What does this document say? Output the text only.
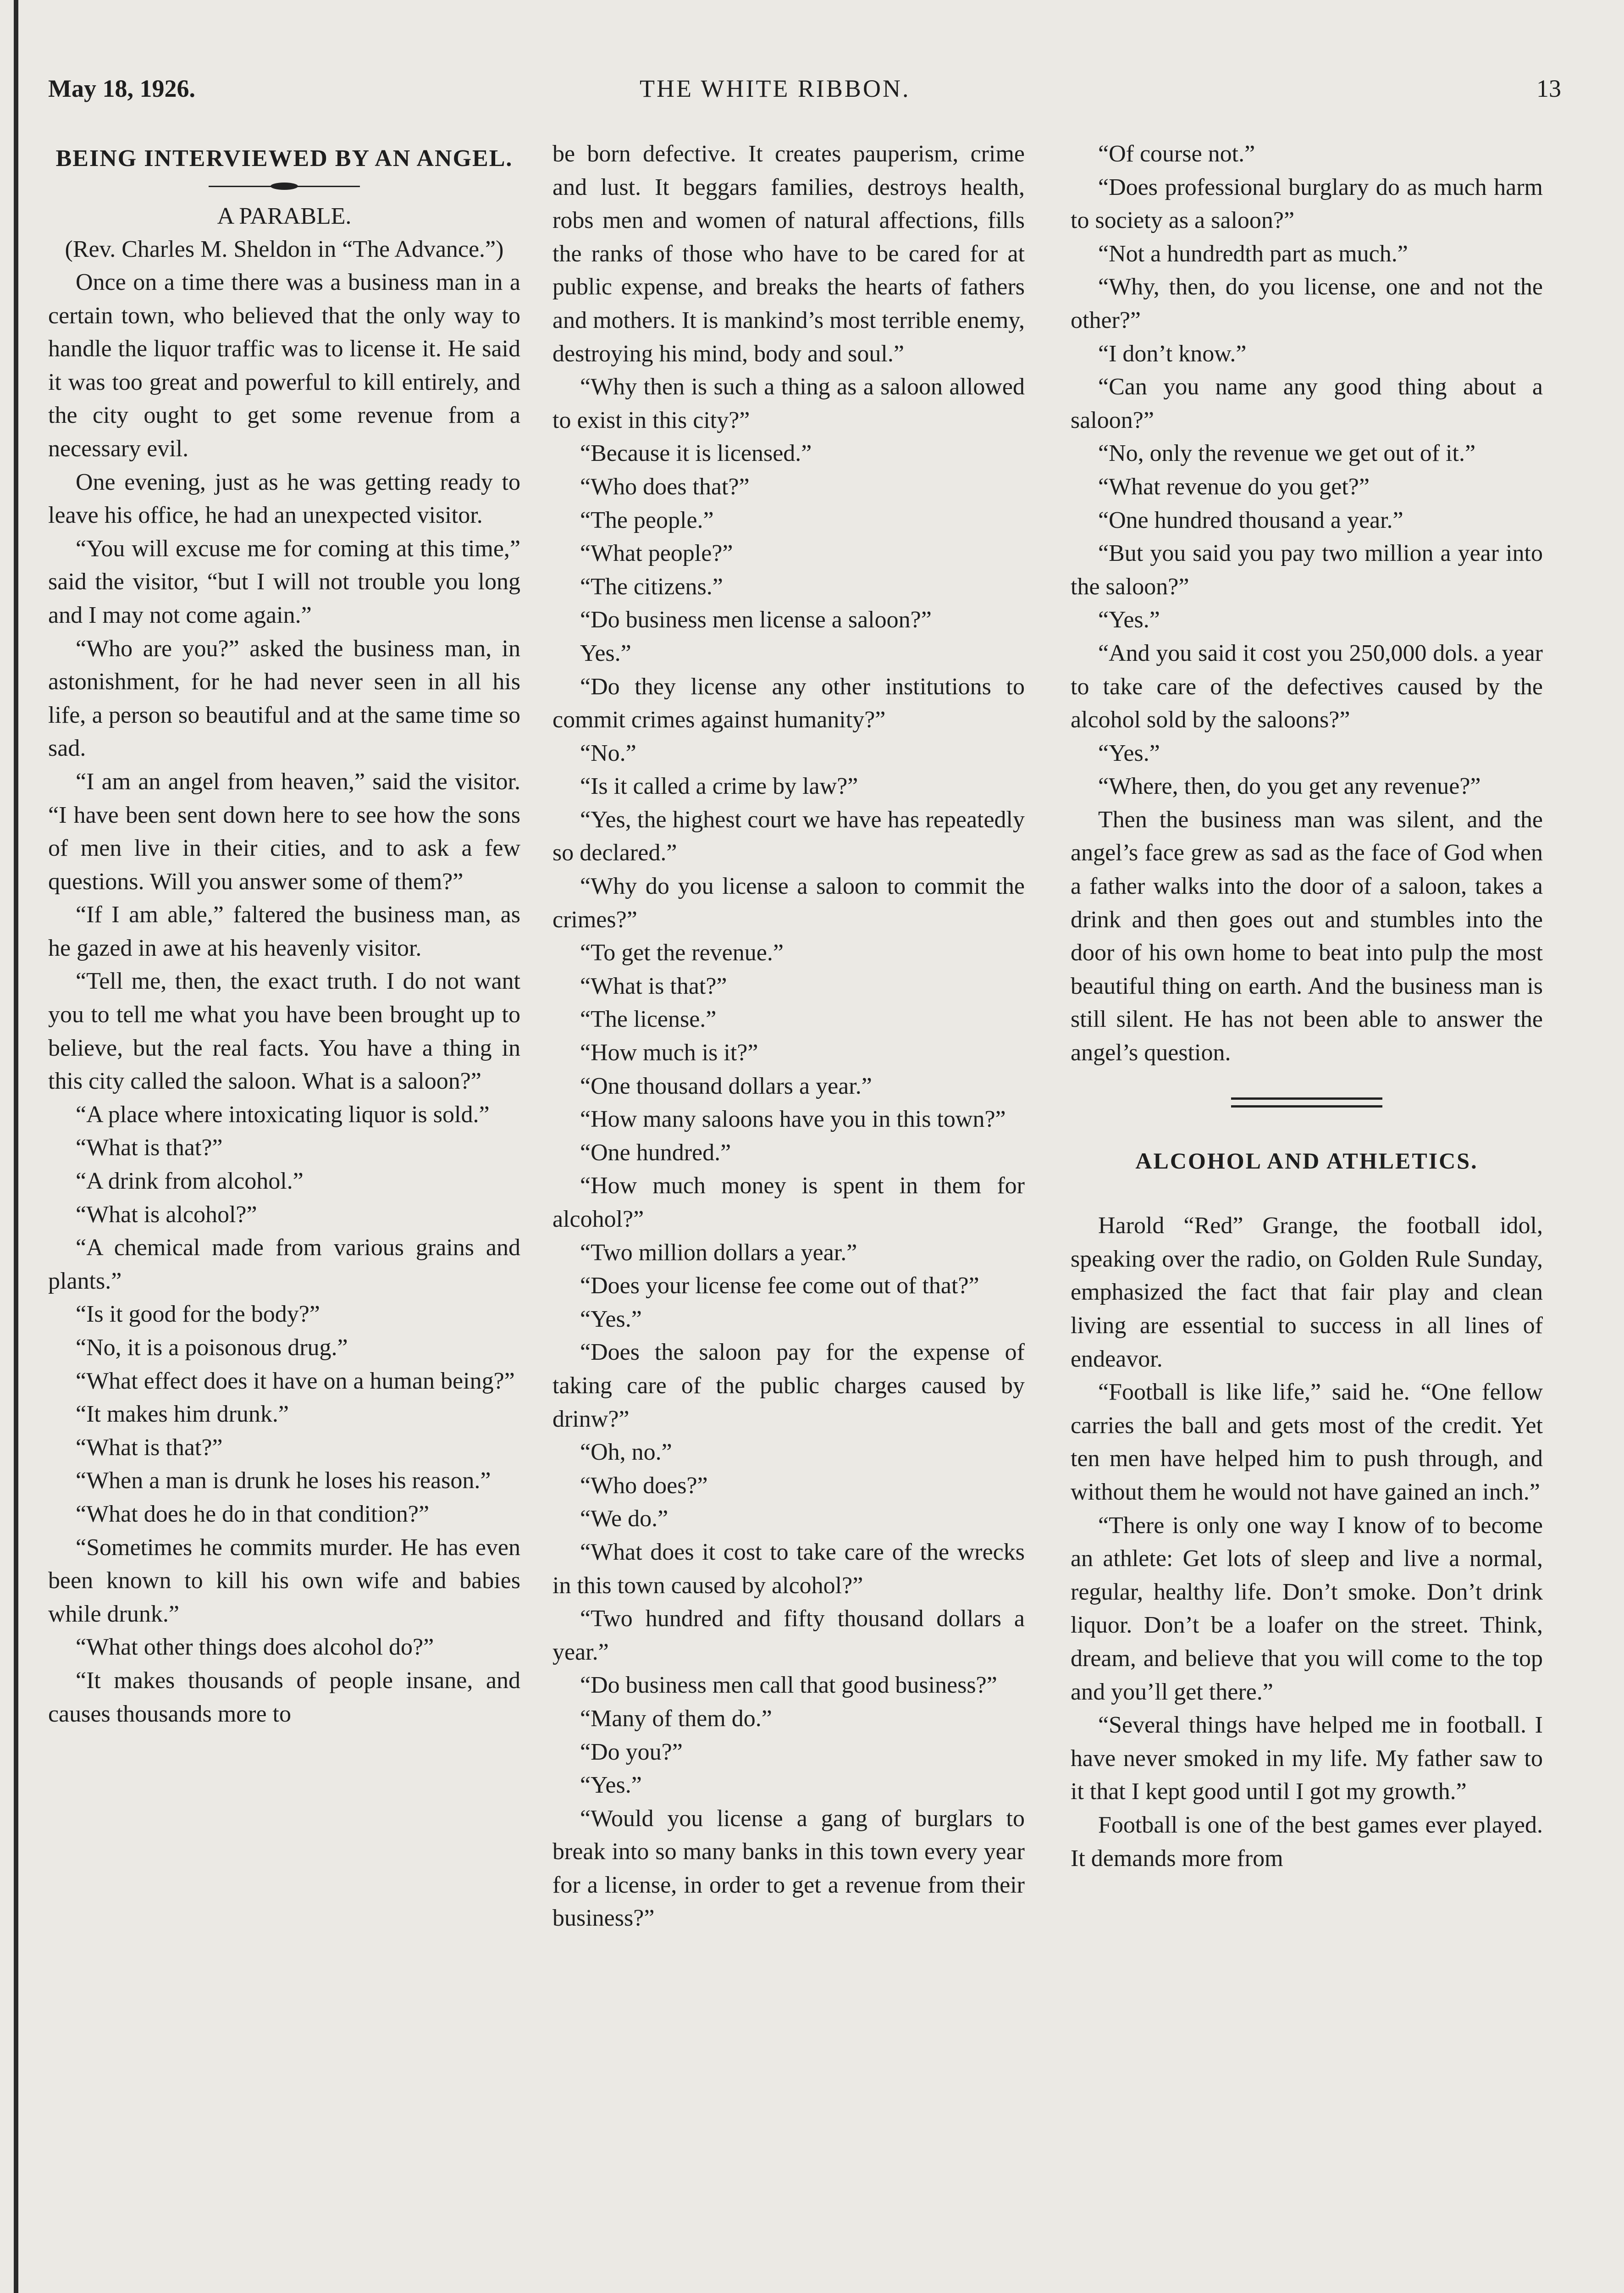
May 18, 1926.	THE WHITE RIBBON.	13
BEING INTERVIEWED BY AN ANGEL.
A PARABLE.
(Rev. Charles M. Sheldon in “The Advance.”)

Once on a time there was a business man in a certain town, who believed that the only way to handle the liquor traffic was to license it. He said it was too great and powerful to kill entirely, and the city ought to get some revenue from a necessary evil.

One evening, just as he was getting ready to leave his office, he had an unexpected visitor.

“You will excuse me for coming at this time,” said the visitor, “but I will not trouble you long and I may not come again.”

“Who are you?” asked the business man, in astonishment, for he had never seen in all his life, a person so beautiful and at the same time so sad.

“I am an angel from heaven,” said the visitor. “I have been sent down here to see how the sons of men live in their cities, and to ask a few questions. Will you answer some of them?”

“If I am able,” faltered the business man, as he gazed in awe at his heavenly visitor.

“Tell me, then, the exact truth. I do not want you to tell me what you have been brought up to believe, but the real facts. You have a thing in this city called the saloon. What is a saloon?”

“A place where intoxicating liquor is sold.”

“What is that?”

“A drink from alcohol.”

“What is alcohol?”

“A chemical made from various grains and plants.”

“Is it good for the body?”

“No, it is a poisonous drug.”

“What effect does it have on a human being?”

“It makes him drunk.”

“What is that?”

“When a man is drunk he loses his reason.”

“What does he do in that condition?”

“Sometimes he commits murder. He has even been known to kill his own wife and babies while drunk.”

“What other things does alcohol do?”

“It makes thousands of people insane, and causes thousands more to

be born defective. It creates pauperism, crime and lust. It beggars families, destroys health, robs men and women of natural affections, fills the ranks of those who have to be cared for at public expense, and breaks the hearts of fathers and mothers. It is mankind’s most terrible enemy, destroying his mind, body and soul.”

“Why then is such a thing as a saloon allowed to exist in this city?”

“Because it is licensed.”

“Who does that?”

“The people.”

“What people?”

“The citizens.”

“Do business men license a saloon?”

Yes.”

“Do they license any other institutions to commit crimes against humanity?”

“No.”

“Is it called a crime by law?”

“Yes, the highest court we have has repeatedly so declared.”

“Why do you license a saloon to commit the crimes?”

“To get the revenue.”

“What is that?”

“The license.”

“How much is it?”

“One thousand dollars a year.”

“How many saloons have you in this town?”

“One hundred.”

“How much money is spent in them for alcohol?”

“Two million dollars a year.”

“Does your license fee come out of that?”

“Yes.”

“Does the saloon pay for the expense of taking care of the public charges caused by drinw?”

“Oh, no.”

“Who does?”

“We do.”

“What does it cost to take care of the wrecks in this town caused by alcohol?”

“Two hundred and fifty thousand dollars a year.”

“Do business men call that good business?”

“Many of them do.”

“Do you?”

“Yes.”

“Would you license a gang of burglars to break into so many banks in this town every year for a license, in order to get a revenue from their business?”

“Of course not.”

“Does professional burglary do as much harm to society as a saloon?”

“Not a hundredth part as much.”

“Why, then, do you license, one and not the other?”

“I don’t know.”

“Can you name any good thing about a saloon?”

“No, only the revenue we get out of it.”

“What revenue do you get?”

“One hundred thousand a year.”

“But you said you pay two million a year into the saloon?”

“Yes.”

“And you said it cost you 250,000 dols. a year to take care of the defectives caused by the alcohol sold by the saloons?”

“Yes.”

“Where, then, do you get any revenue?”

Then the business man was silent, and the angel’s face grew as sad as the face of God when a father walks into the door of a saloon, takes a drink and then goes out and stumbles into the door of his own home to beat into pulp the most beautiful thing on earth. And the business man is still silent. He has not been able to answer the angel’s question.

ALCOHOL AND ATHLETICS.

Harold “Red” Grange, the football idol, speaking over the radio, on Golden Rule Sunday, emphasized the fact that fair play and clean living are essential to success in all lines of endeavor.

“Football is like life,” said he. “One fellow carries the ball and gets most of the credit. Yet ten men have helped him to push through, and without them he would not have gained an inch.”

“There is only one way I know of to become an athlete: Get lots of sleep and live a normal, regular, healthy life. Don’t smoke. Don’t drink liquor. Don’t be a loafer on the street. Think, dream, and believe that you will come to the top and you’ll get there.”

“Several things have helped me in football. I have never smoked in my life. My father saw to it that I kept good until I got my growth.”

Football is one of the best games ever played. It demands more from
